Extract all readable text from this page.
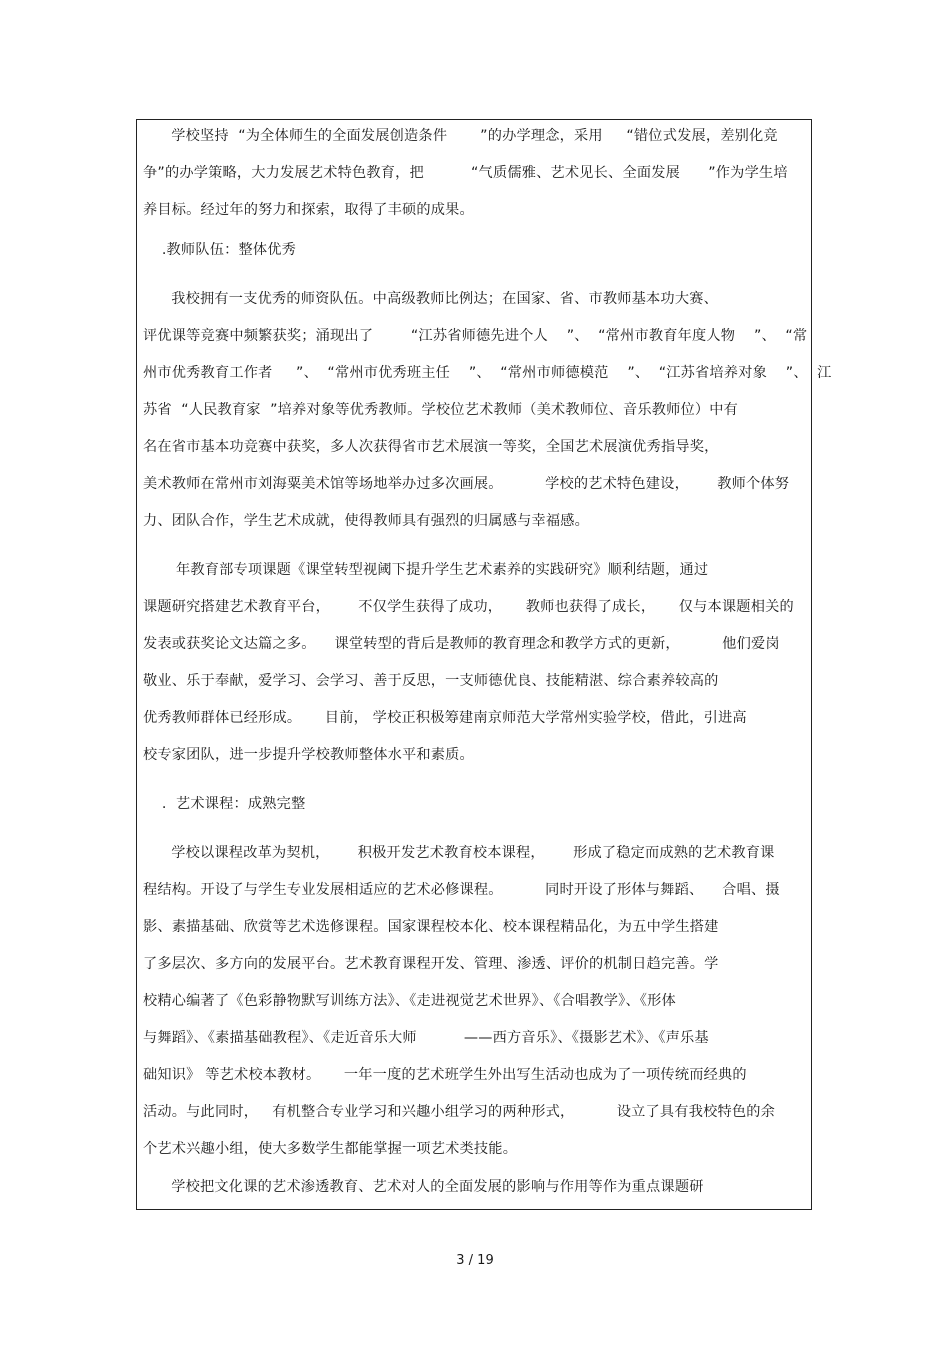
学校坚持  “为全体师生的全面发展创造条件       ”的办学理念，采用     “错位式发展，差别化竞
争”的办学策略，大力发展艺术特色教育，把          “气质儒雅、艺术见长、全面发展      ”作为学生培
养目标。经过年的努力和探索，取得了丰硕的成果。
.教师队伍：整体优秀
我校拥有一支优秀的师资队伍。中高级教师比例达；在国家、省、市教师基本功大赛、
评优课等竞赛中频繁获奖；涌现出了        “江苏省师德先进个人    ”、  “常州市教育年度人物    ”、  “常
州市优秀教育工作者     ”、  “常州市优秀班主任    ”、  “常州市师德模范    ”、  “江苏省培养对象    ”、  江
苏省  “人民教育家  ”培养对象等优秀教师。学校位艺术教师（美术教师位、音乐教师位）中有
名在省市基本功竞赛中获奖，多人次获得省市艺术展演一等奖，全国艺术展演优秀指导奖，
美术教师在常州市刘海粟美术馆等场地举办过多次画展。         学校的艺术特色建设，      教师个体努
力、团队合作，学生艺术成就，使得教师具有强烈的归属感与幸福感。
年教育部专项课题《课堂转型视阈下提升学生艺术素养的实践研究》顺利结题，通过
课题研究搭建艺术教育平台，      不仅学生获得了成功，     教师也获得了成长，     仅与本课题相关的
发表或获奖论文达篇之多。    课堂转型的背后是教师的教育理念和教学方式的更新，         他们爱岗
敬业、乐于奉献，爱学习、会学习、善于反思，一支师德优良、技能精湛、综合素养较高的
优秀教师群体已经形成。     目前， 学校正积极筹建南京师范大学常州实验学校，借此，引进高
校专家团队，进一步提升学校教师整体水平和素质。
.  艺术课程：成熟完整
学校以课程改革为契机，      积极开发艺术教育校本课程，      形成了稳定而成熟的艺术教育课
程结构。开设了与学生专业发展相适应的艺术必修课程。         同时开设了形体与舞蹈、    合唱、摄
影、素描基础、欣赏等艺术选修课程。国家课程校本化、校本课程精品化，为五中学生搭建
了多层次、多方向的发展平台。艺术教育课程开发、管理、渗透、评价的机制日趋完善。学
校精心编著了《色彩静物默写训练方法》、《走进视觉艺术世界》、《合唱教学》、《形体
与舞蹈》、《素描基础教程》、《走近音乐大师          ——西方音乐》、《摄影艺术》、《声乐基
础知识》 等艺术校本教材。     一年一度的艺术班学生外出写生活动也成为了一项传统而经典的
活动。与此同时，   有机整合专业学习和兴趣小组学习的两种形式，         设立了具有我校特色的余
个艺术兴趣小组，使大多数学生都能掌握一项艺术类技能。
学校把文化课的艺术渗透教育、艺术对人的全面发展的影响与作用等作为重点课题研
3 / 19
